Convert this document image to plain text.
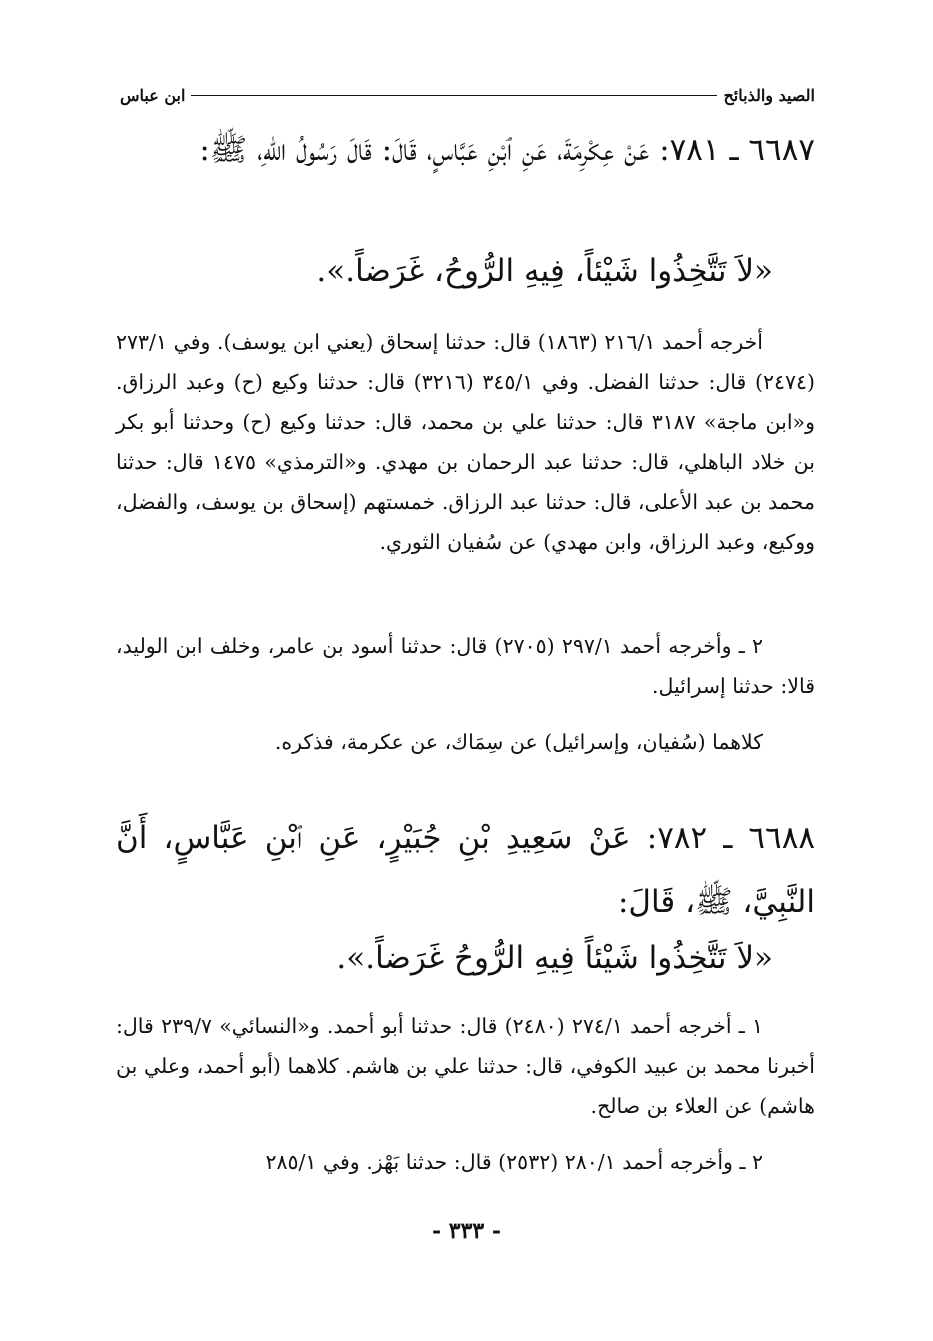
الصيد والذبائح
ابن عباس
٦٦٨٧ ـ ٧٨١: عَنْ عِكْرِمَةَ، عَنِ ٱبْنِ عَبَّاسٍ، قَالَ: قَالَ رَسُولُ اللّهِ، ﷺ:
«لاَ تَتَّخِذُوا شَيْئاً، فِيهِ الرُّوحُ، غَرَضاً.».
أخرجه أحمد ٢١٦/١ (١٨٦٣) قال: حدثنا إسحاق (يعني ابن يوسف). وفي ٢٧٣/١ (٢٤٧٤) قال: حدثنا الفضل. وفي ٣٤٥/١ (٣٢١٦) قال: حدثنا وكيع (ح) وعبد الرزاق. و«ابن ماجة» ٣١٨٧ قال: حدثنا علي بن محمد، قال: حدثنا وكيع (ح) وحدثنا أبو بكر بن خلاد الباهلي، قال: حدثنا عبد الرحمان بن مهدي. و«الترمذي» ١٤٧٥ قال: حدثنا محمد بن عبد الأعلى، قال: حدثنا عبد الرزاق. خمستهم (إسحاق بن يوسف، والفضل، ووكيع، وعبد الرزاق، وابن مهدي) عن سُفيان الثوري.
٢ ـ وأخرجه أحمد ٢٩٧/١ (٢٧٠٥) قال: حدثنا أسود بن عامر، وخلف ابن الوليد، قالا: حدثنا إسرائيل.
كلاهما (سُفيان، وإسرائيل) عن سِمَاك، عن عكرمة، فذكره.
٦٦٨٨ ـ ٧٨٢: عَنْ سَعِيدِ بْنِ جُبَيْرٍ، عَنِ ٱبْنِ عَبَّاسٍ، أَنَّ النَّبِيَّ، ﷺ، قَالَ:
«لاَ تَتَّخِذُوا شَيْئاً فِيهِ الرُّوحُ غَرَضاً.».
١ ـ أخرجه أحمد ٢٧٤/١ (٢٤٨٠) قال: حدثنا أبو أحمد. و«النسائي» ٢٣٩/٧ قال: أخبرنا محمد بن عبيد الكوفي، قال: حدثنا علي بن هاشم. كلاهما (أبو أحمد، وعلي بن هاشم) عن العلاء بن صالح.
٢ ـ وأخرجه أحمد ٢٨٠/١ (٢٥٣٢) قال: حدثنا بَهْز. وفي ٢٨٥/١
- ٣٣٣ -
